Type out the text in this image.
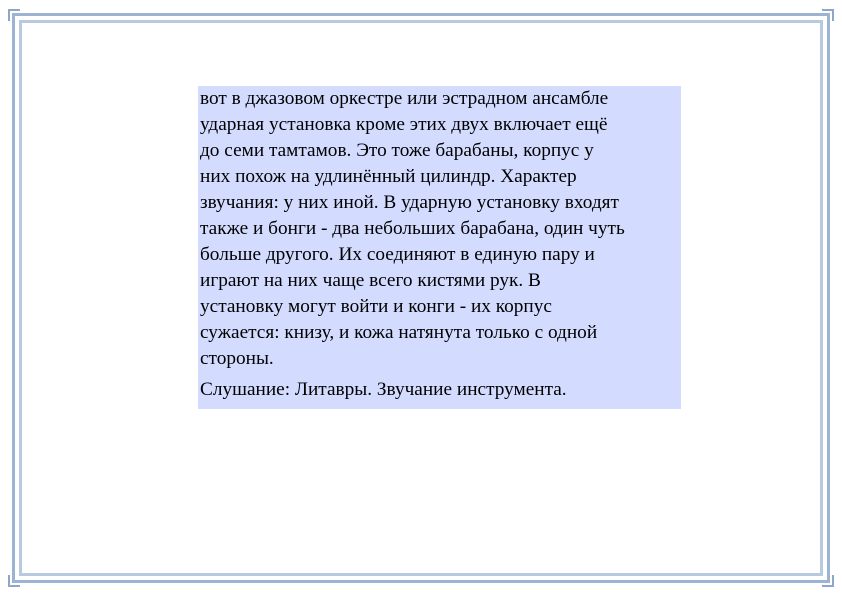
вот в джазовом оркестре или эстрадном ансамбле
ударная установка кроме этих двух включает ещё
до семи тамтамов. Это тоже барабаны, корпус у
них похож на удлинённый цилиндр. Характер
звучания: у них иной. В ударную установку входят
также и бонги - два небольших барабана, один чуть
больше другого. Их соединяют в единую пару и
играют на них чаще всего кистями рук. В
установку могут войти и конги - их корпус
сужается: книзу, и кожа натянута только с одной
стороны.

Слушание: Литавры. Звучание инструмента.
